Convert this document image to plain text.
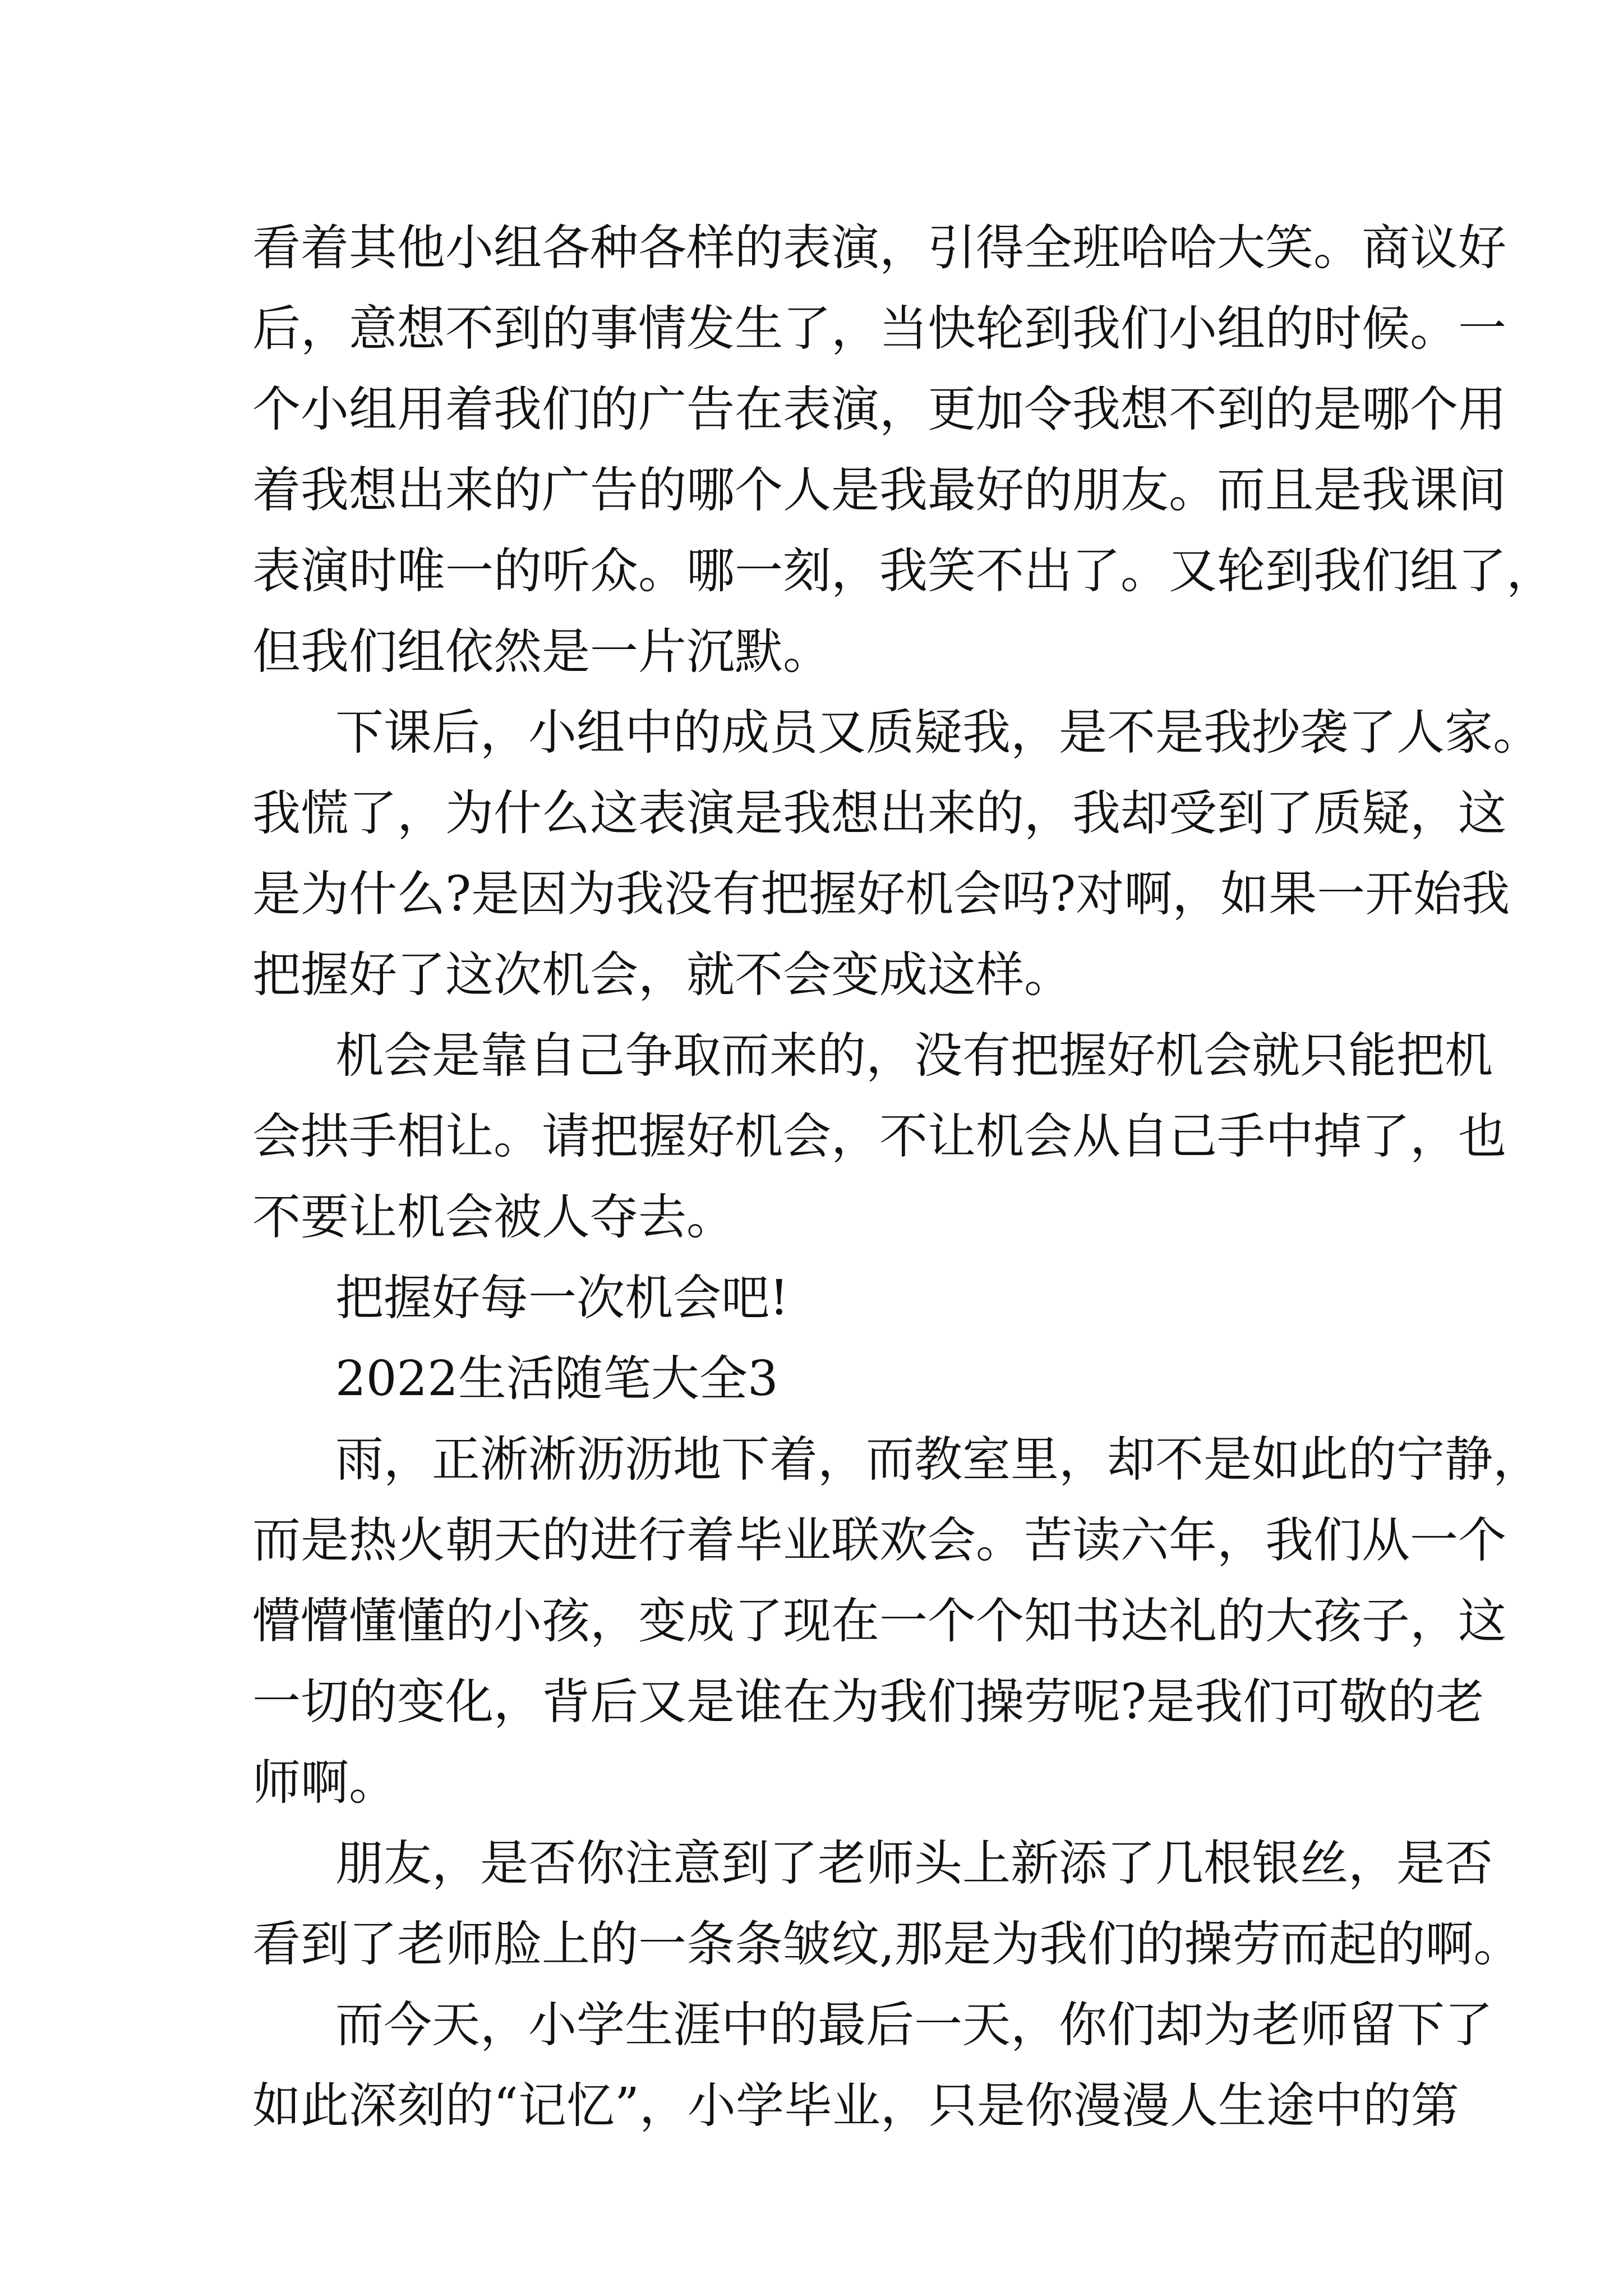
看着其他小组各种各样的表演，引得全班哈哈大笑。商议好
后，意想不到的事情发生了，当快轮到我们小组的时候。一
个小组用着我们的广告在表演，更加令我想不到的是哪个用
着我想出来的广告的哪个人是我最好的朋友。而且是我课间
表演时唯一的听众。哪一刻，我笑不出了。又轮到我们组了，
但我们组依然是一片沉默。
下课后，小组中的成员又质疑我，是不是我抄袭了人家。
我慌了，为什么这表演是我想出来的，我却受到了质疑，这
是为什么?是因为我没有把握好机会吗?对啊，如果一开始我
把握好了这次机会，就不会变成这样。
机会是靠自己争取而来的，没有把握好机会就只能把机
会拱手相让。请把握好机会，不让机会从自己手中掉了，也
不要让机会被人夺去。
把握好每一次机会吧!
2022生活随笔大全3
雨，正淅淅沥沥地下着，而教室里，却不是如此的宁静，
而是热火朝天的进行着毕业联欢会。苦读六年，我们从一个
懵懵懂懂的小孩，变成了现在一个个知书达礼的大孩子，这
一切的变化，背后又是谁在为我们操劳呢?是我们可敬的老
师啊。
朋友，是否你注意到了老师头上新添了几根银丝，是否
看到了老师脸上的一条条皱纹,那是为我们的操劳而起的啊。
而今天，小学生涯中的最后一天，你们却为老师留下了
如此深刻的“记忆”，小学毕业，只是你漫漫人生途中的第
